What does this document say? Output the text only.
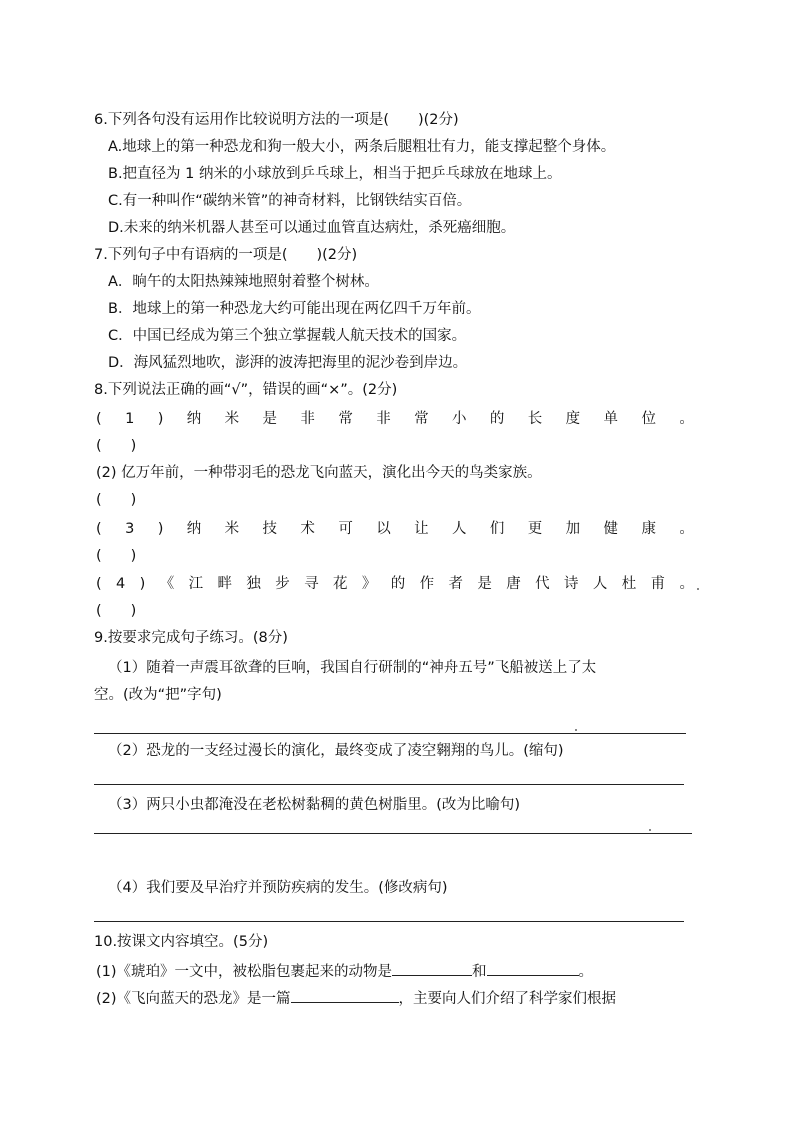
6.下列各句没有运用作比较说明方法的一项是(　　)(2分)
A.地球上的第一种恐龙和狗一般大小，两条后腿粗壮有力，能支撑起整个身体。
B.把直径为 1 纳米的小球放到乒乓球上，相当于把乒乓球放在地球上。
C.有一种叫作“碳纳米管”的神奇材料，比钢铁结实百倍。
D.未来的纳米机器人甚至可以通过血管直达病灶，杀死癌细胞。
7.下列句子中有语病的一项是(　　)(2分)
A．晌午的太阳热辣辣地照射着整个树林。
B．地球上的第一种恐龙大约可能出现在两亿四千万年前。
C．中国已经成为第三个独立掌握载人航天技术的国家。
D．海风猛烈地吹，澎湃的波涛把海里的泥沙卷到岸边。
8.下列说法正确的画“√”，错误的画“×”。(2分)
( 1 ) 纳 米 是 非 常 非 常 小 的 长 度 单 位 。
(　　)
(2) 亿万年前，一种带羽毛的恐龙飞向蓝天，演化出今天的鸟类家族。
(　　)
( 3 ) 纳 米 技 术 可 以 让 人 们 更 加 健 康 。
(　　)
( 4 ) 《 江 畔 独 步 寻 花 》 的 作 者 是 唐 代 诗 人 杜 甫 。
(　　)
9.按要求完成句子练习。(8分)
（1）随着一声震耳欲聋的巨响，我国自行研制的“神舟五号”飞船被送上了太
空。(改为“把”字句)
（2）恐龙的一支经过漫长的演化，最终变成了凌空翱翔的鸟儿。(缩句)
（3）两只小虫都淹没在老松树黏稠的黄色树脂里。(改为比喻句)
（4）我们要及早治疗并预防疾病的发生。(修改病句)
10.按课文内容填空。(5分)
(1)《琥珀》一文中，被松脂包裹起来的动物是	和	。
(2)《飞向蓝天的恐龙》是一篇	，主要向人们介绍了科学家们根据
